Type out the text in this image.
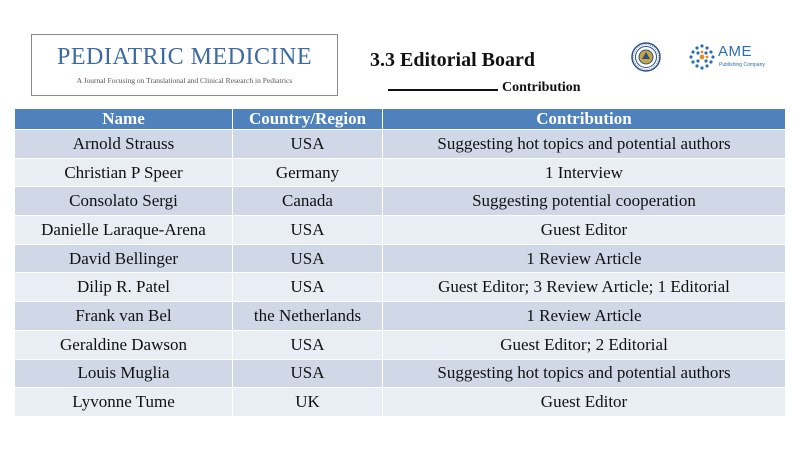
PEDIATRIC MEDICINE
A Journal Focusing on Translational and Clinical Research in Pediatrics
3.3 Editorial Board
Contribution
AME
Publishing Company
Name	Country/Region	Contribution
Arnold Strauss	USA	Suggesting hot topics and potential authors
Christian P Speer	Germany	1 Interview
Consolato Sergi	Canada	Suggesting potential cooperation
Danielle Laraque-Arena	USA	Guest Editor
David Bellinger	USA	1 Review Article
Dilip R. Patel	USA	Guest Editor; 3 Review Article; 1 Editorial
Frank van Bel	the Netherlands	1 Review Article
Geraldine Dawson	USA	Guest Editor; 2 Editorial
Louis Muglia	USA	Suggesting hot topics and potential authors
Lyvonne Tume	UK	Guest Editor
